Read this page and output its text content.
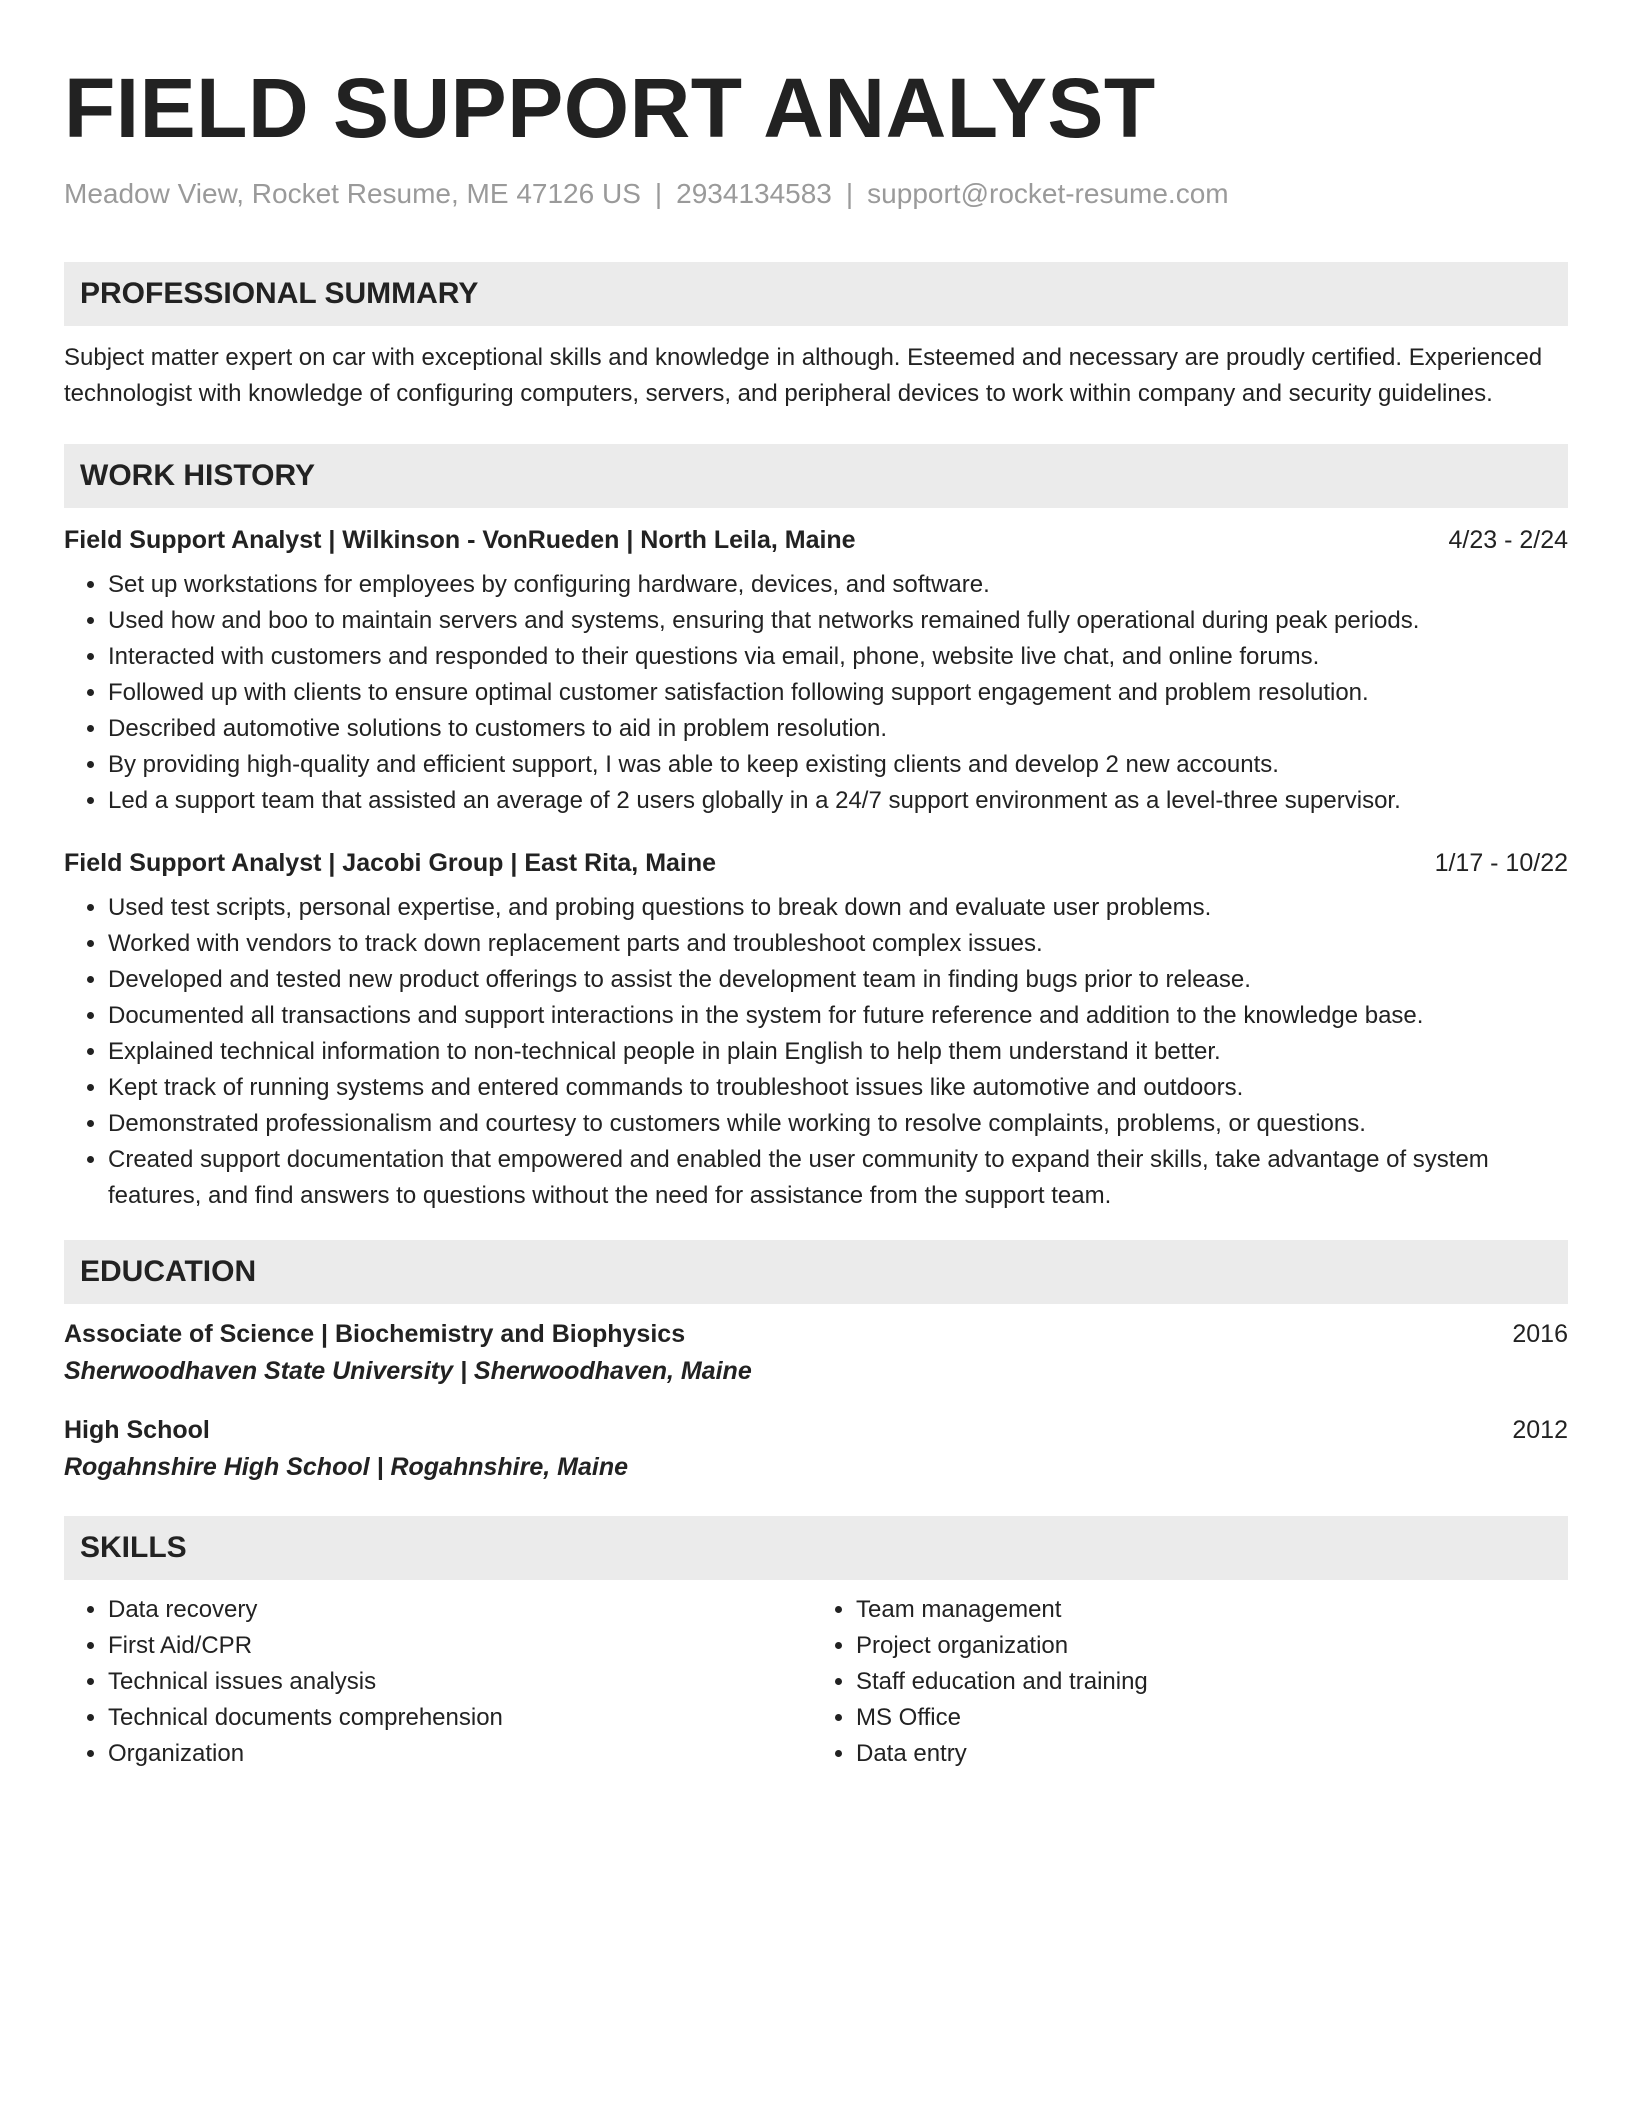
FIELD SUPPORT ANALYST
Meadow View, Rocket Resume, ME 47126 US | 2934134583 | support@rocket-resume.com
PROFESSIONAL SUMMARY

Subject matter expert on car with exceptional skills and knowledge in although. Esteemed and necessary are proudly certified. Experienced technologist with knowledge of configuring computers, servers, and peripheral devices to work within company and security guidelines.

WORK HISTORY
Field Support Analyst | Wilkinson - VonRueden | North Leila, Maine	4/23 - 2/24
• Set up workstations for employees by configuring hardware, devices, and software.
• Used how and boo to maintain servers and systems, ensuring that networks remained fully operational during peak periods.
• Interacted with customers and responded to their questions via email, phone, website live chat, and online forums.
• Followed up with clients to ensure optimal customer satisfaction following support engagement and problem resolution.
• Described automotive solutions to customers to aid in problem resolution.
• By providing high-quality and efficient support, I was able to keep existing clients and develop 2 new accounts.
• Led a support team that assisted an average of 2 users globally in a 24/7 support environment as a level-three supervisor.
Field Support Analyst | Jacobi Group | East Rita, Maine	1/17 - 10/22
• Used test scripts, personal expertise, and probing questions to break down and evaluate user problems.
• Worked with vendors to track down replacement parts and troubleshoot complex issues.
• Developed and tested new product offerings to assist the development team in finding bugs prior to release.
• Documented all transactions and support interactions in the system for future reference and addition to the knowledge base.
• Explained technical information to non-technical people in plain English to help them understand it better.
• Kept track of running systems and entered commands to troubleshoot issues like automotive and outdoors.
• Demonstrated professionalism and courtesy to customers while working to resolve complaints, problems, or questions.
• Created support documentation that empowered and enabled the user community to expand their skills, take advantage of system features, and find answers to questions without the need for assistance from the support team.
EDUCATION
Associate of Science | Biochemistry and Biophysics	2016
Sherwoodhaven State University | Sherwoodhaven, Maine
High School	2012
Rogahnshire High School | Rogahnshire, Maine
SKILLS
• Data recovery
• First Aid/CPR
• Technical issues analysis
• Technical documents comprehension
• Organization
• Team management
• Project organization
• Staff education and training
• MS Office
• Data entry
